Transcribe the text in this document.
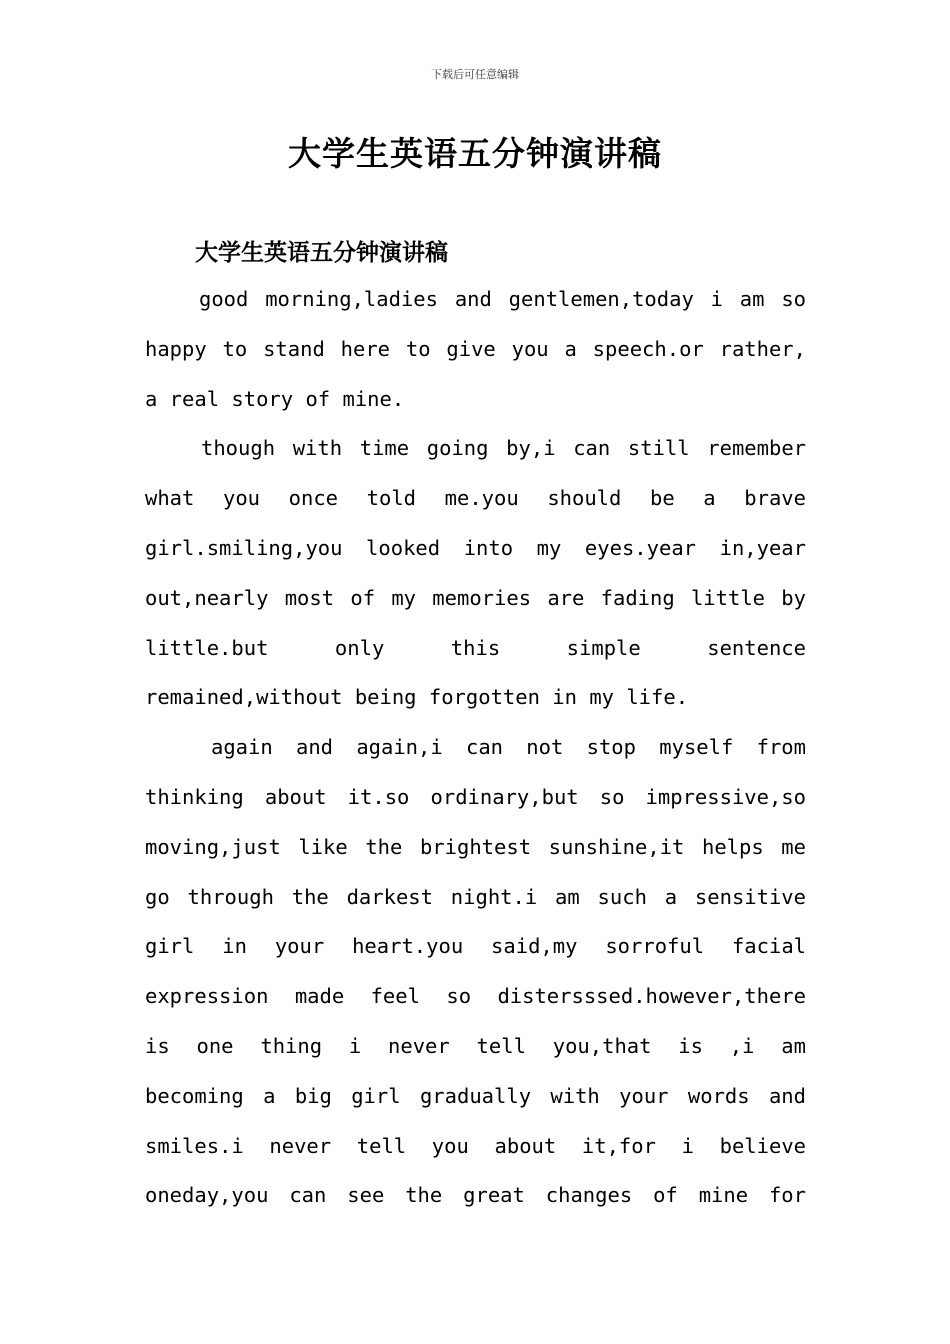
下载后可任意编辑
大学生英语五分钟演讲稿
大学生英语五分钟演讲稿
good morning,ladies and gentlemen,today i am so
happy to stand here to give you a speech.or rather,
a real story of mine.
though with time going by,i can still remember
what you once told me.you should be a brave
girl.smiling,you looked into my eyes.year in,year
out,nearly most of my memories are fading little by
little.but only this simple sentence
remained,without being forgotten in my life.
again and again,i can not stop myself from
thinking about it.so ordinary,but so impressive,so
moving,just like the brightest sunshine,it helps me
go through the darkest night.i am such a sensitive
girl in your heart.you said,my sorroful facial
expression made feel so distersssed.however,there
is one thing i never tell you,that is ,i am
becoming a big girl gradually with your words and
smiles.i never tell you about it,for i believe
oneday,you can see the great changes of mine for
